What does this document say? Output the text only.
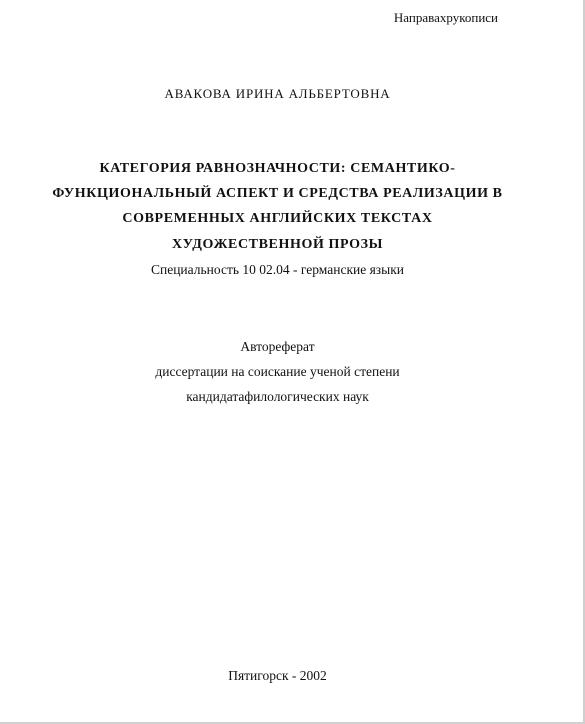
Направахрукописи
АВАКОВА ИРИНА АЛЬБЕРТОВНА
КАТЕГОРИЯ РАВНОЗНАЧНОСТИ: СЕМАНТИКО-
ФУНКЦИОНАЛЬНЫЙ АСПЕКТ И СРЕДСТВА РЕАЛИЗАЦИИ В
СОВРЕМЕННЫХ АНГЛИЙСКИХ ТЕКСТАХ
ХУДОЖЕСТВЕННОЙ ПРОЗЫ
Специальность 10 02.04 - германские языки
Автореферат
диссертации на соискание ученой степени
кандидатафилологических наук
Пятигорск - 2002
